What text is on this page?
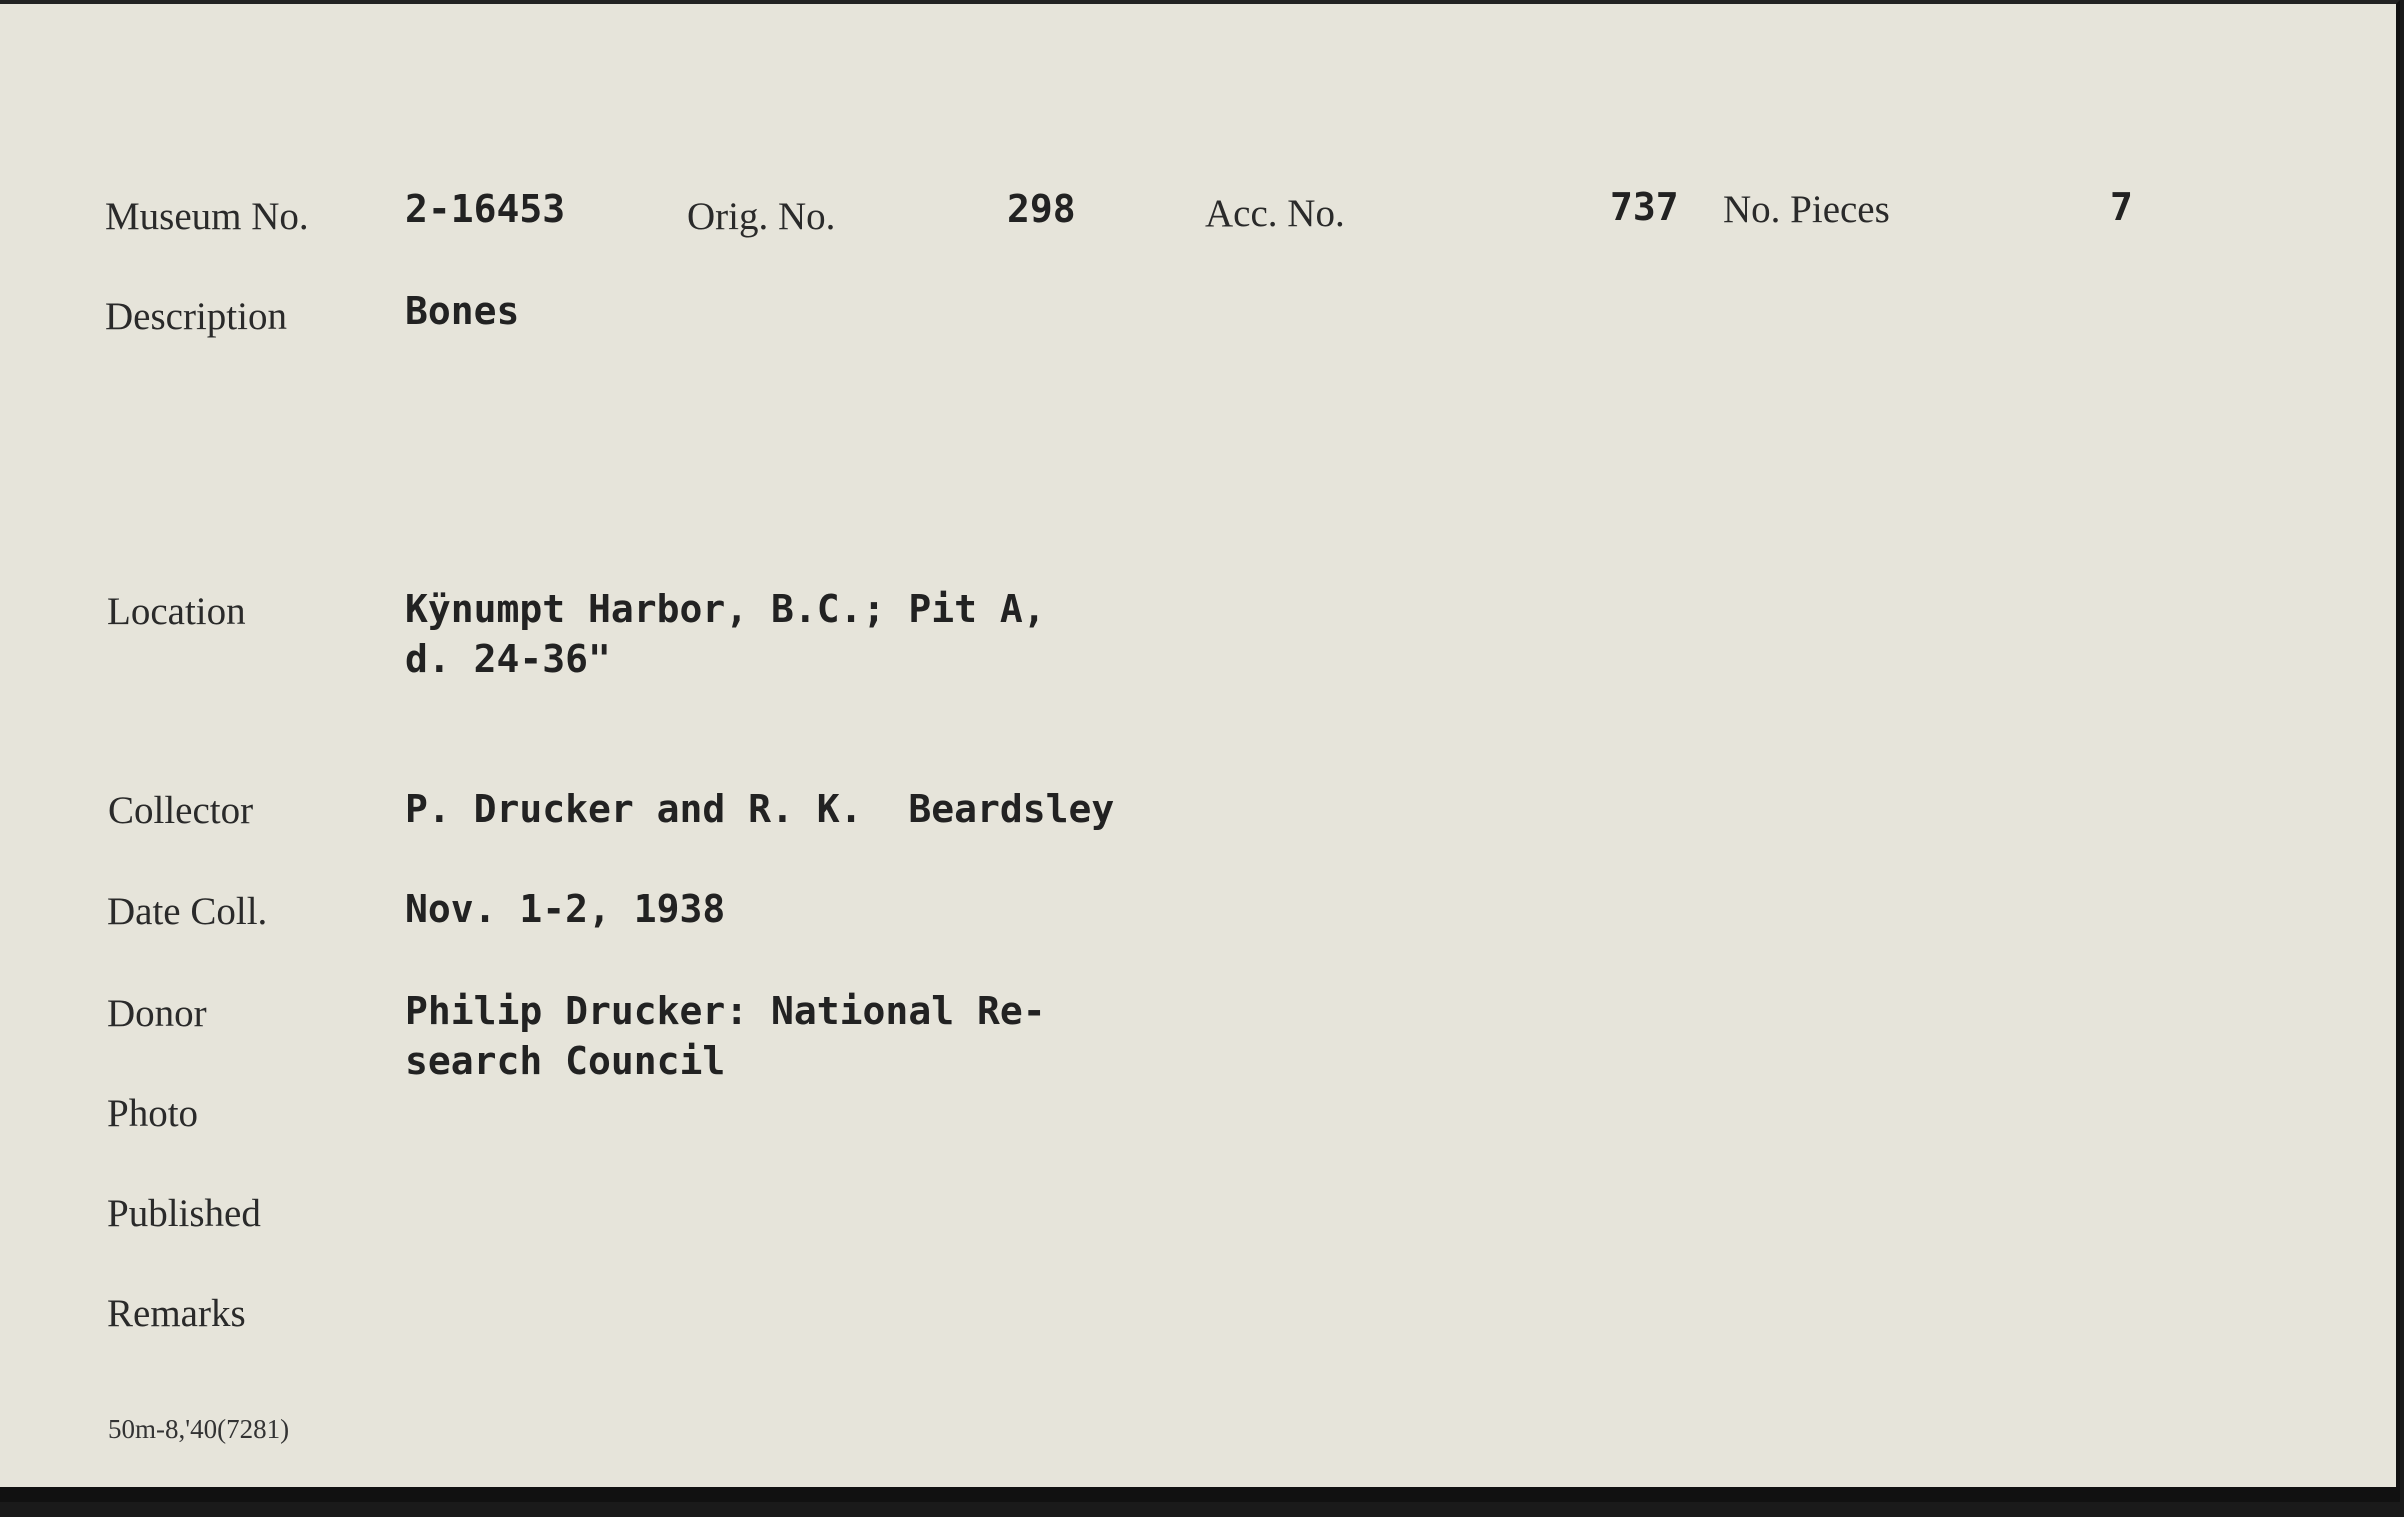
Museum No.	2-16453	Orig. No.	298	Acc. No.	737 No. Pieces	7
Description	Bones
Location	Kÿnumpt Harbor, B.C.; Pit A,
d. 24-36"
Collector	P. Drucker and R. K.  Beardsley
Date Coll.	Nov. 1-2, 1938
Donor	Philip Drucker: National Re-
search Council
Photo
Published
Remarks
50m-8,'40(7281)
